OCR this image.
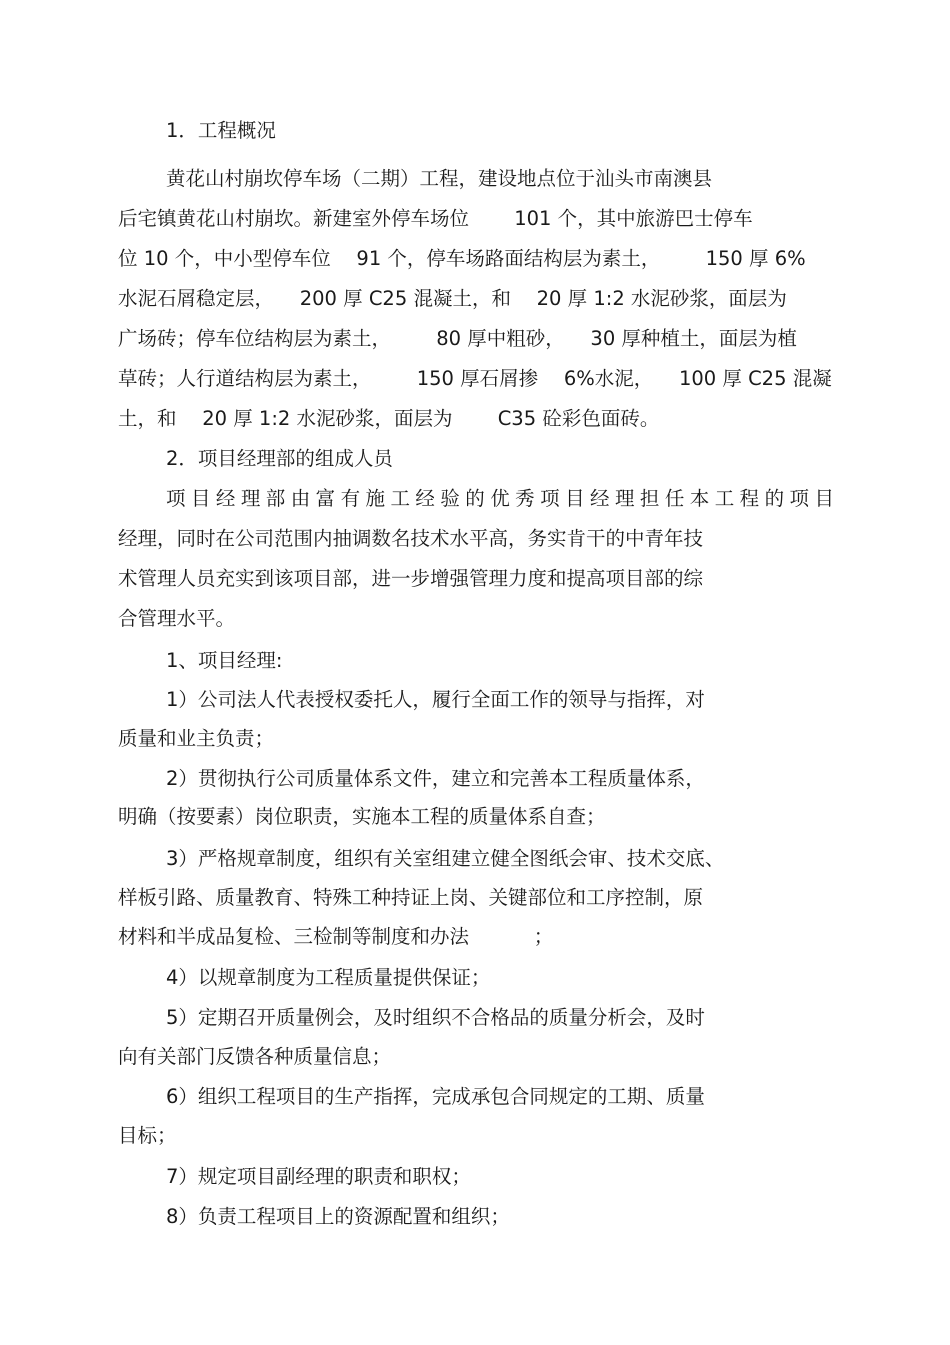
1．工程概况

黄花山村崩坎停车场（二期）工程，建设地点位于汕头市南澳县

后宅镇黄花山村崩坎。新建室外停车场位 　　101 个，其中旅游巴士停车

位 10 个，中小型停车位 　91 个，停车场路面结构层为素土， 　　150 厚 6%

水泥石屑稳定层， 　200 厚 C25 混凝土，和 　20 厚 1:2 水泥砂浆，面层为

广场砖；停车位结构层为素土， 　　80 厚中粗砂， 　30 厚种植土，面层为植

草砖；人行道结构层为素土， 　　150 厚石屑掺 　6%水泥， 　100 厚 C25 混凝

土，和 　20 厚 1:2 水泥砂浆，面层为 　　C35 砼彩色面砖。

2．项目经理部的组成人员

项目经理部由富有施工经验的优秀项目经理担任本工程的项目

经理，同时在公司范围内抽调数名技术水平高，务实肯干的中青年技

术管理人员充实到该项目部，进一步增强管理力度和提高项目部的综

合管理水平。

1、项目经理:

1）公司法人代表授权委托人，履行全面工作的领导与指挥，对

质量和业主负责；

2）贯彻执行公司质量体系文件，建立和完善本工程质量体系，

明确（按要素）岗位职责，实施本工程的质量体系自查；

3）严格规章制度，组织有关室组建立健全图纸会审、技术交底、

样板引路、质量教育、特殊工种持证上岗、关键部位和工序控制，原

材料和半成品复检、三检制等制度和办法 　　　；

4）以规章制度为工程质量提供保证；

5）定期召开质量例会，及时组织不合格品的质量分析会，及时

向有关部门反馈各种质量信息；

6）组织工程项目的生产指挥，完成承包合同规定的工期、质量

目标；

7）规定项目副经理的职责和职权；

8）负责工程项目上的资源配置和组织；
